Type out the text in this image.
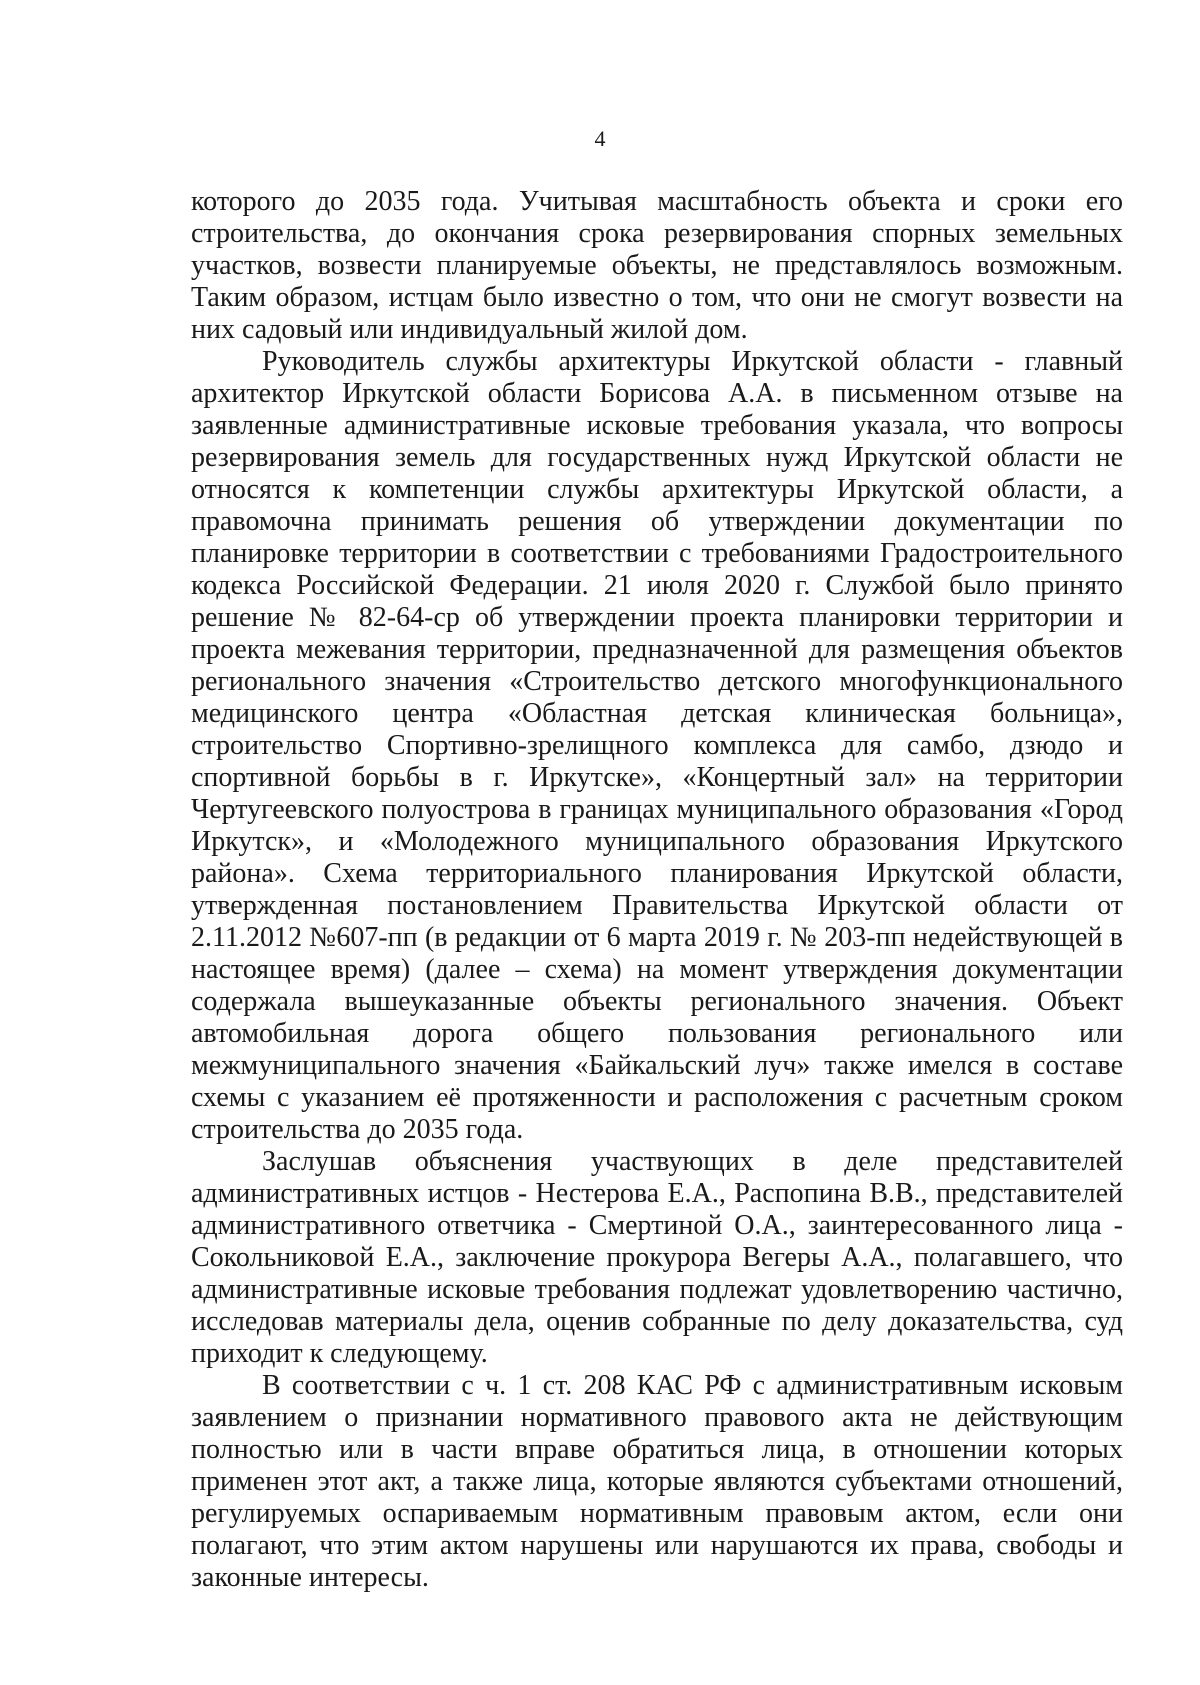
4

которого до 2035 года. Учитывая масштабность объекта и сроки его строительства, до окончания срока резервирования спорных земельных участков, возвести планируемые объекты, не представлялось возможным. Таким образом, истцам было известно о том, что они не смогут возвести на них садовый или индивидуальный жилой дом.

Руководитель службы архитектуры Иркутской области - главный архитектор Иркутской области Борисова А.А. в письменном отзыве на заявленные административные исковые требования указала, что вопросы резервирования земель для государственных нужд Иркутской области не относятся к компетенции службы архитектуры Иркутской области, а правомочна принимать решения об утверждении документации по планировке территории в соответствии с требованиями Градостроительного кодекса Российской Федерации. 21 июля 2020 г. Службой было принято решение № 82-64-ср об утверждении проекта планировки территории и проекта межевания территории, предназначенной для размещения объектов регионального значения «Строительство детского многофункционального медицинского центра «Областная детская клиническая больница», строительство Спортивно-зрелищного комплекса для самбо, дзюдо и спортивной борьбы в г. Иркутске», «Концертный зал» на территории Чертугеевского полуострова в границах муниципального образования «Город Иркутск», и «Молодежного муниципального образования Иркутского района». Схема территориального планирования Иркутской области, утвержденная постановлением Правительства Иркутской области от 2.11.2012 №607-пп (в редакции от 6 марта 2019 г. № 203-пп недействующей в настоящее время) (далее – схема) на момент утверждения документации содержала вышеуказанные объекты регионального значения. Объект автомобильная дорога общего пользования регионального или межмуниципального значения «Байкальский луч» также имелся в составе схемы с указанием её протяженности и расположения с расчетным сроком строительства до 2035 года.

Заслушав объяснения участвующих в деле представителей административных истцов - Нестерова Е.А., Распопина В.В., представителей административного ответчика - Смертиной О.А., заинтересованного лица - Сокольниковой Е.А., заключение прокурора Вегеры А.А., полагавшего, что административные исковые требования подлежат удовлетворению частично, исследовав материалы дела, оценив собранные по делу доказательства, суд приходит к следующему.

В соответствии с ч. 1 ст. 208 КАС РФ с административным исковым заявлением о признании нормативного правового акта не действующим полностью или в части вправе обратиться лица, в отношении которых применен этот акт, а также лица, которые являются субъектами отношений, регулируемых оспариваемым нормативным правовым актом, если они полагают, что этим актом нарушены или нарушаются их права, свободы и законные интересы.
